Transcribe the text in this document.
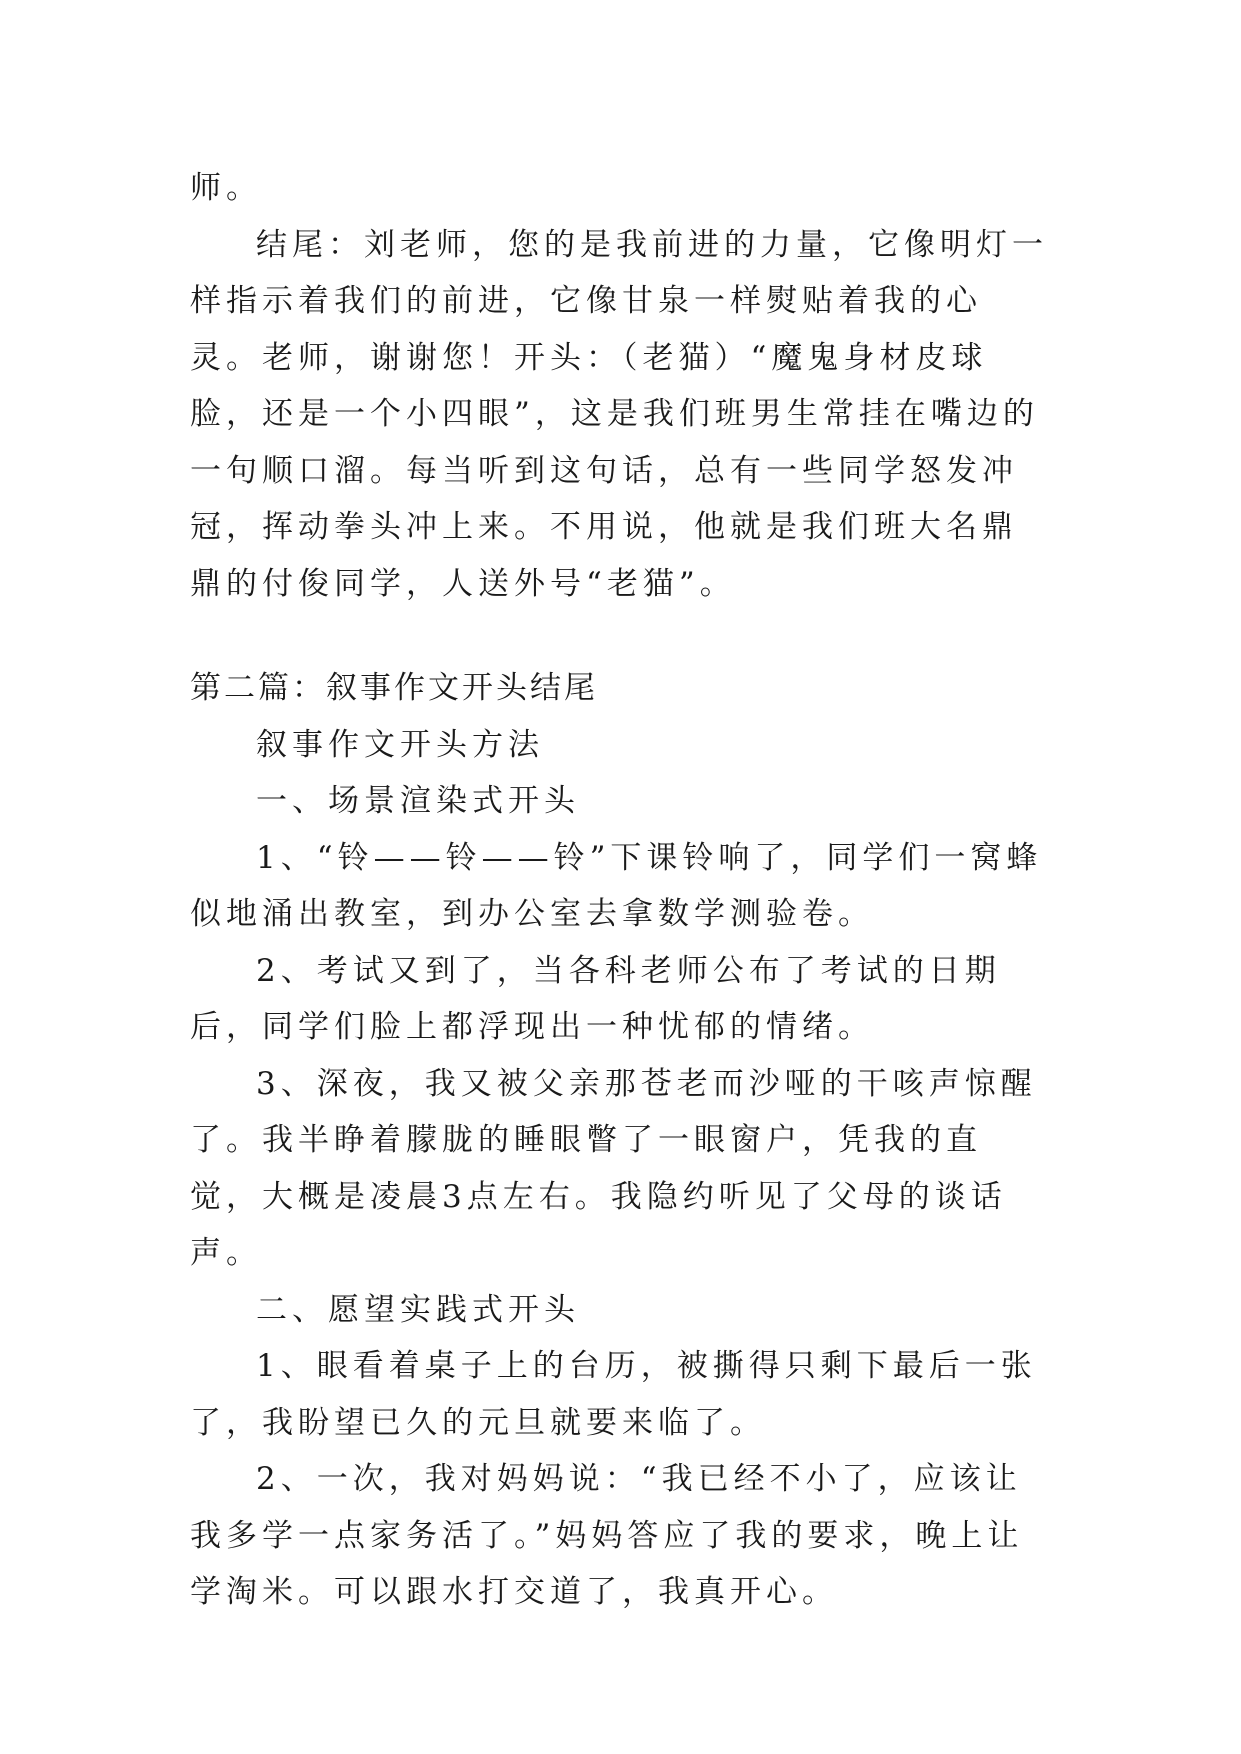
师。

结尾：刘老师，您的是我前进的力量，它像明灯一样指示着我们的前进，它像甘泉一样熨贴着我的心灵。老师，谢谢您！开头：（老猫）“魔鬼身材皮球脸，还是一个小四眼”，这是我们班男生常挂在嘴边的一句顺口溜。每当听到这句话，总有一些同学怒发冲冠，挥动拳头冲上来。不用说，他就是我们班大名鼎鼎的付俊同学，人送外号“老猫”。

第二篇：叙事作文开头结尾

叙事作文开头方法

一、场景渲染式开头

1、“铃——铃——铃”下课铃响了，同学们一窝蜂似地涌出教室，到办公室去拿数学测验卷。

2、考试又到了，当各科老师公布了考试的日期后，同学们脸上都浮现出一种忧郁的情绪。

3、深夜，我又被父亲那苍老而沙哑的干咳声惊醒了。我半睁着朦胧的睡眼瞥了一眼窗户，凭我的直觉，大概是凌晨3点左右。我隐约听见了父母的谈话声。

二、愿望实践式开头

1、眼看着桌子上的台历，被撕得只剩下最后一张了，我盼望已久的元旦就要来临了。

2、一次，我对妈妈说：“我已经不小了，应该让我多学一点家务活了。”妈妈答应了我的要求，晚上让学淘米。可以跟水打交道了，我真开心。
